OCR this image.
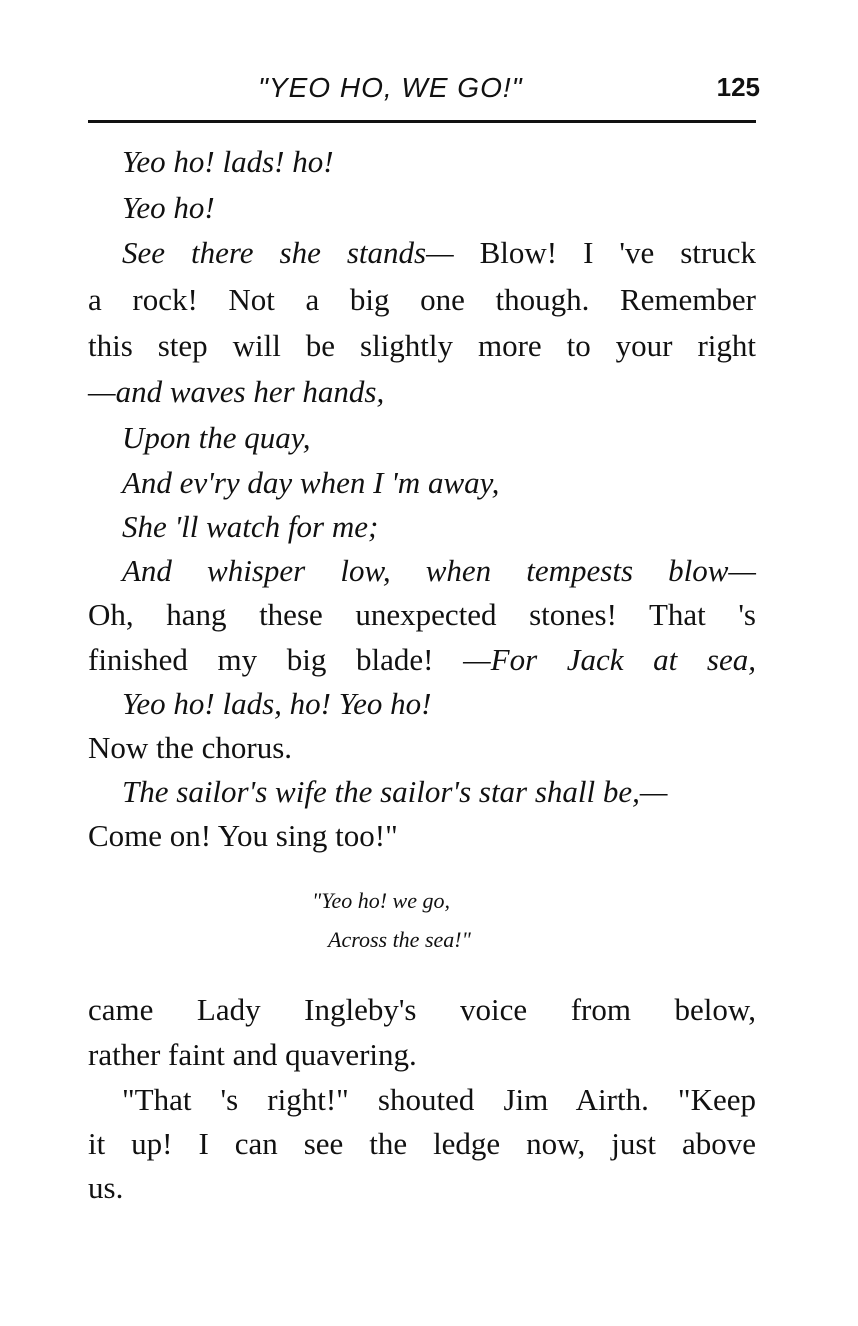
"YEO HO, WE GO!"	125
Yeo ho! lads! ho!
Yeo ho!
See there she stands— Blow! I 've struck
a rock! Not a big one though. Remember
this step will be slightly more to your right
—and waves her hands,
Upon the quay,
And ev'ry day when I 'm away,
She 'll watch for me;
And whisper low, when tempests blow—
Oh, hang these unexpected stones! That 's
finished my big blade! —For Jack at sea,
Yeo ho! lads, ho! Yeo ho!
Now the chorus.
The sailor's wife the sailor's star shall be,—
Come on! You sing too!"
"Yeo ho! we go,
Across the sea!"
came Lady Ingleby's voice from below,
rather faint and quavering.
"That 's right!" shouted Jim Airth. "Keep
it up! I can see the ledge now, just above
us.
